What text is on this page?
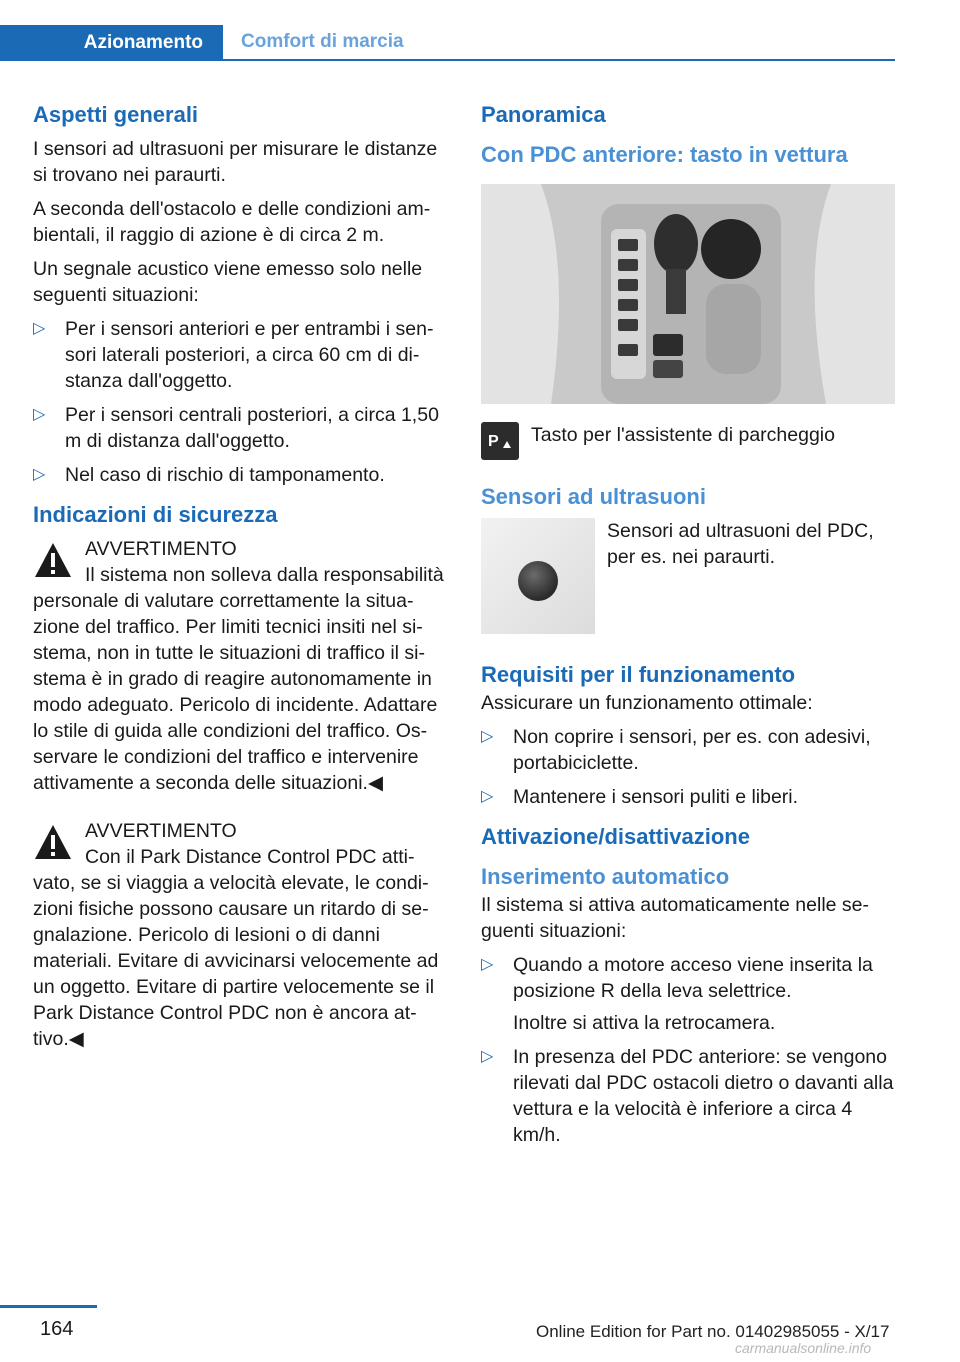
Azionamento	Comfort di marcia
Aspetti generali

I sensori ad ultrasuoni per misurare le distanze si trovano nei paraurti.

A seconda dell'ostacolo e delle condizioni am- bientali, il raggio di azione è di circa 2 m.

Un segnale acustico viene emesso solo nelle seguenti situazioni:

▷ Per i sensori anteriori e per entrambi i sen- sori laterali posteriori, a circa 60 cm di di- stanza dall'oggetto.
▷ Per i sensori centrali posteriori, a circa 1,50 m di distanza dall'oggetto.
▷ Nel caso di rischio di tamponamento.
Indicazioni di sicurezza
AVVERTIMENTO
Il sistema non solleva dalla responsabilità personale di valutare correttamente la situa- zione del traffico. Per limiti tecnici insiti nel si- stema, non in tutte le situazioni di traffico il si- stema è in grado di reagire autonomamente in modo adeguato. Pericolo di incidente. Adattare lo stile di guida alle condizioni del traffico. Os- servare le condizioni del traffico e intervenire attivamente a seconda delle situazioni.◀
AVVERTIMENTO
Con il Park Distance Control PDC atti- vato, se si viaggia a velocità elevate, le condi- zioni fisiche possono causare un ritardo di se- gnalazione. Pericolo di lesioni o di danni materiali. Evitare di avvicinarsi velocemente ad un oggetto. Evitare di partire velocemente se il Park Distance Control PDC non è ancora at- tivo.◀
Panoramica
Con PDC anteriore: tasto in vettura
P Tasto per l'assistente di parcheggio
Sensori ad ultrasuoni
Sensori ad ultrasuoni del PDC, per es. nei paraurti.
Requisiti per il funzionamento

Assicurare un funzionamento ottimale:

▷ Non coprire i sensori, per es. con adesivi, portabiciclette.
▷ Mantenere i sensori puliti e liberi.
Attivazione/disattivazione
Inserimento automatico

Il sistema si attiva automaticamente nelle se- guenti situazioni:

▷ Quando a motore acceso viene inserita la posizione R della leva selettrice.
Inoltre si attiva la retrocamera.
▷ In presenza del PDC anteriore: se vengono rilevati dal PDC ostacoli dietro o davanti alla vettura e la velocità è inferiore a circa 4 km/h.
164	Online Edition for Part no. 01402985055 - X/17
carmanualsonline.info
